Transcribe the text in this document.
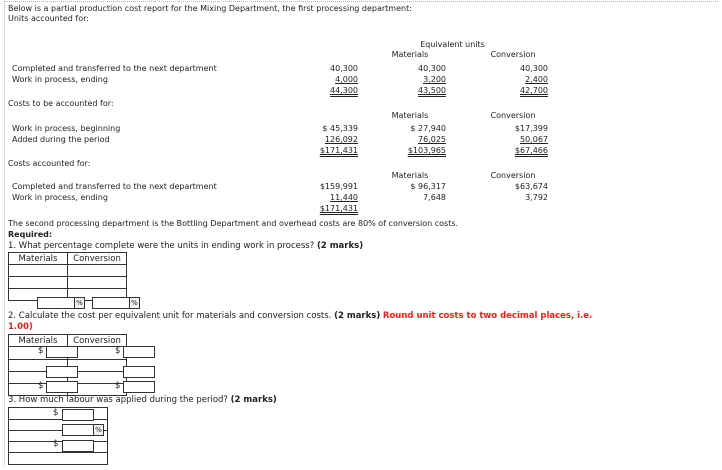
Below is a partial production cost report for the Mixing Department, the first processing department:
Units accounted for:
Equivalent units
Materials	Conversion
Completed and transferred to the next department	40,300	40,300	40,300
Work in process, ending	4,000	3,200	2,400
44,300	43,500	42,700
Costs to be accounted for:
Materials	Conversion
Work in process, beginning	$ 45,339	$ 27,940	$17,399
Added during the period	126,092	76,025	50,067
$171,431	$103,965	$67,466
Costs accounted for:
Materials	Conversion
Completed and transferred to the next department	$159,991	$ 96,317	$63,674
Work in process, ending	11,440	7,648	3,792
$171,431
The second processing department is the Bottling Department and overhead costs are 80% of conversion costs.
Required:
1. What percentage complete were the units in ending work in process? (2 marks)
Materials	Conversion

%	%
2. Calculate the cost per equivalent unit for materials and conversion costs. (2 marks) Round unit costs to two decimal places, i.e.
1.00)
Materials	Conversion

$	$
$	$
3. How much labour was applied during the period? (2 marks)

$
%
$
